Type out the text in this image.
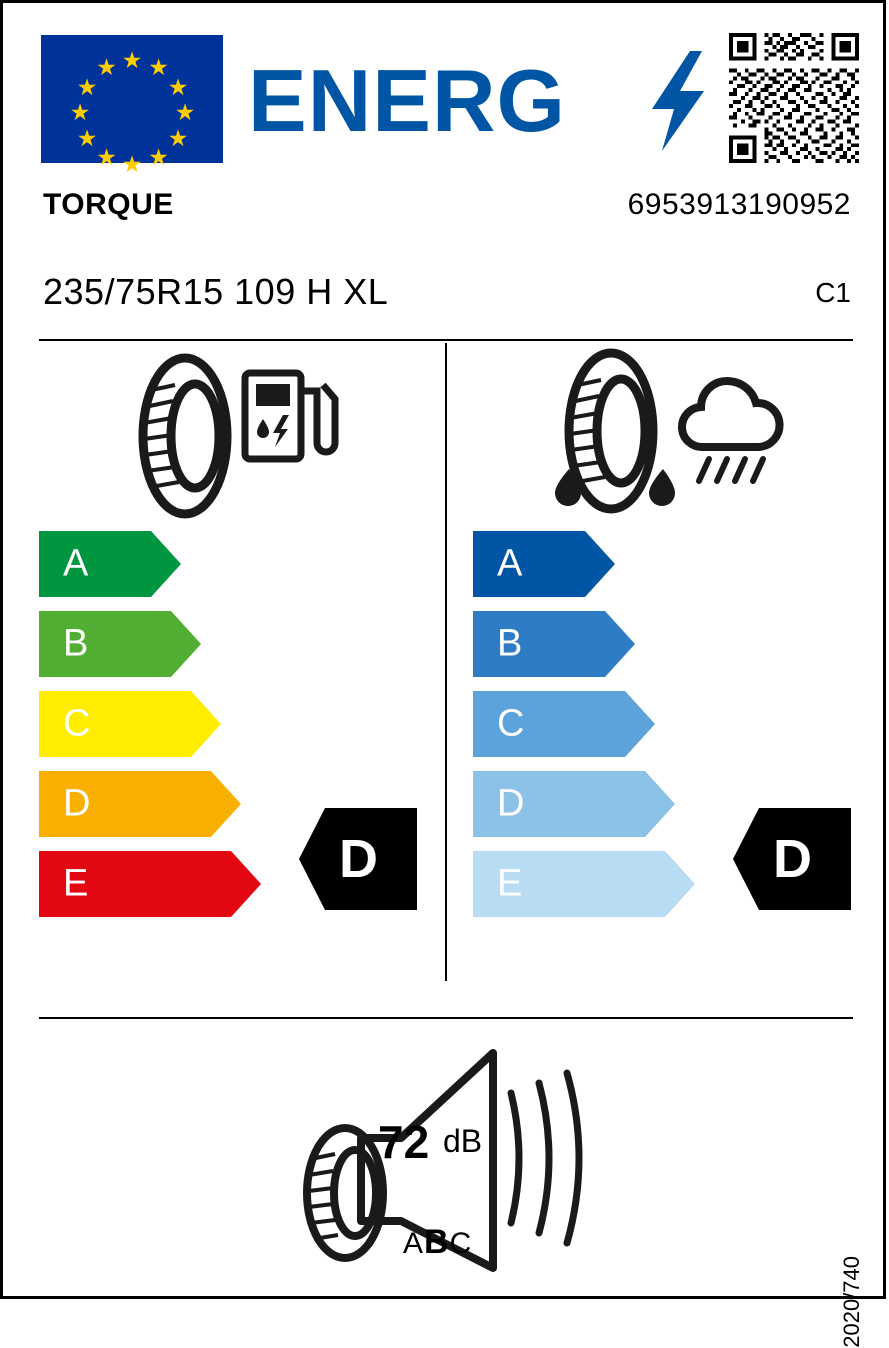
★ ★
★
★
★
★
★
★
★
★
★
★ ENERG
TORQUE	6953913190952
235/75R15 109 H XL	C1
A
B
C
D
E
A
B
C
D
E
D	D
72 dB
ABC
2020/740
